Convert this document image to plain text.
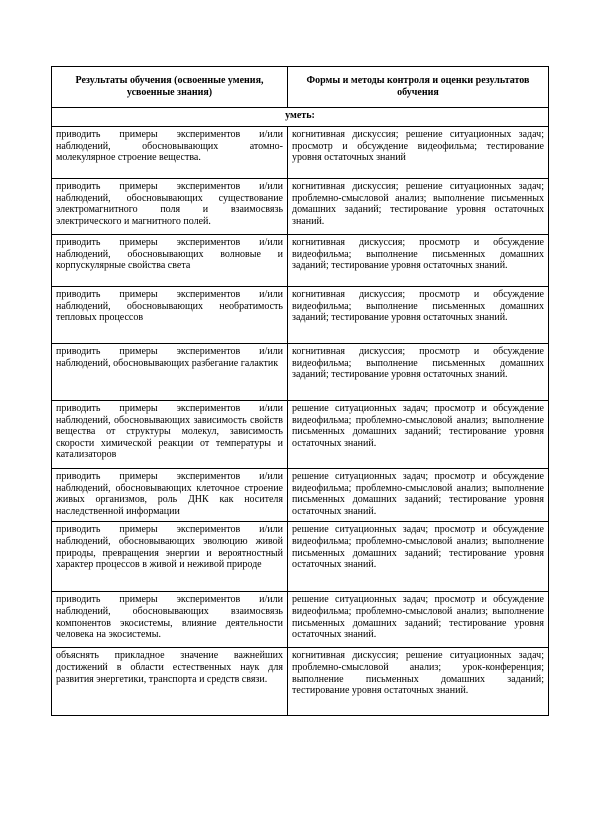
Результаты обучения (освоенные умения, усвоенные знания)	Формы и методы контроля и оценки результатов обучения
уметь:	
приводить примеры экспериментов и/или наблюдений, обосновывающих атомно-молекулярное строение вещества.	когнитивная дискуссия; решение ситуационных задач; просмотр и обсуждение видеофильма; тестирование уровня остаточных знаний
приводить примеры экспериментов и/или наблюдений, обосновывающих существование электромагнитного поля и взаимосвязь электрического и магнитного полей.	когнитивная дискуссия; решение ситуационных задач; проблемно-смысловой анализ; выполнение письменных домашних заданий; тестирование уровня остаточных знаний.
приводить примеры экспериментов и/или наблюдений, обосновывающих волновые и корпускулярные свойства света	когнитивная дискуссия; просмотр и обсуждение видеофильма; выполнение письменных домашних заданий; тестирование уровня остаточных знаний.
приводить примеры экспериментов и/или наблюдений, обосновывающих необратимость тепловых процессов	когнитивная дискуссия; просмотр и обсуждение видеофильма; выполнение письменных домашних заданий; тестирование уровня остаточных знаний.
приводить примеры экспериментов и/или наблюдений, обосновывающих разбегание галактик	когнитивная дискуссия; просмотр и обсуждение видеофильма; выполнение письменных домашних заданий; тестирование уровня остаточных знаний.
приводить примеры экспериментов и/или наблюдений, обосновывающих зависимость свойств вещества от структуры молекул, зависимость скорости химической реакции от температуры и катализаторов	решение ситуационных задач; просмотр и обсуждение видеофильма; проблемно-смысловой анализ; выполнение письменных домашних заданий; тестирование уровня остаточных знаний.
приводить примеры экспериментов и/или наблюдений, обосновывающих клеточное строение живых организмов, роль ДНК как носителя наследственной информации	решение ситуационных задач; просмотр и обсуждение видеофильма; проблемно-смысловой анализ; выполнение письменных домашних заданий; тестирование уровня остаточных знаний.
приводить примеры экспериментов и/или наблюдений, обосновывающих эволюцию живой природы, превращения энергии и вероятностный характер процессов в живой и неживой природе	решение ситуационных задач; просмотр и обсуждение видеофильма; проблемно-смысловой анализ; выполнение письменных домашних заданий; тестирование уровня остаточных знаний.
приводить примеры экспериментов и/или наблюдений, обосновывающих взаимосвязь компонентов экосистемы, влияние деятельности человека на экосистемы.	решение ситуационных задач; просмотр и обсуждение видеофильма; проблемно-смысловой анализ; выполнение письменных домашних заданий; тестирование уровня остаточных знаний.
объяснять прикладное значение важнейших достижений в области естественных наук для развития энергетики, транспорта и средств связи.	когнитивная дискуссия; решение ситуационных задач; проблемно-смысловой анализ; урок-конференция; выполнение письменных домашних заданий; тестирование уровня остаточных знаний.
